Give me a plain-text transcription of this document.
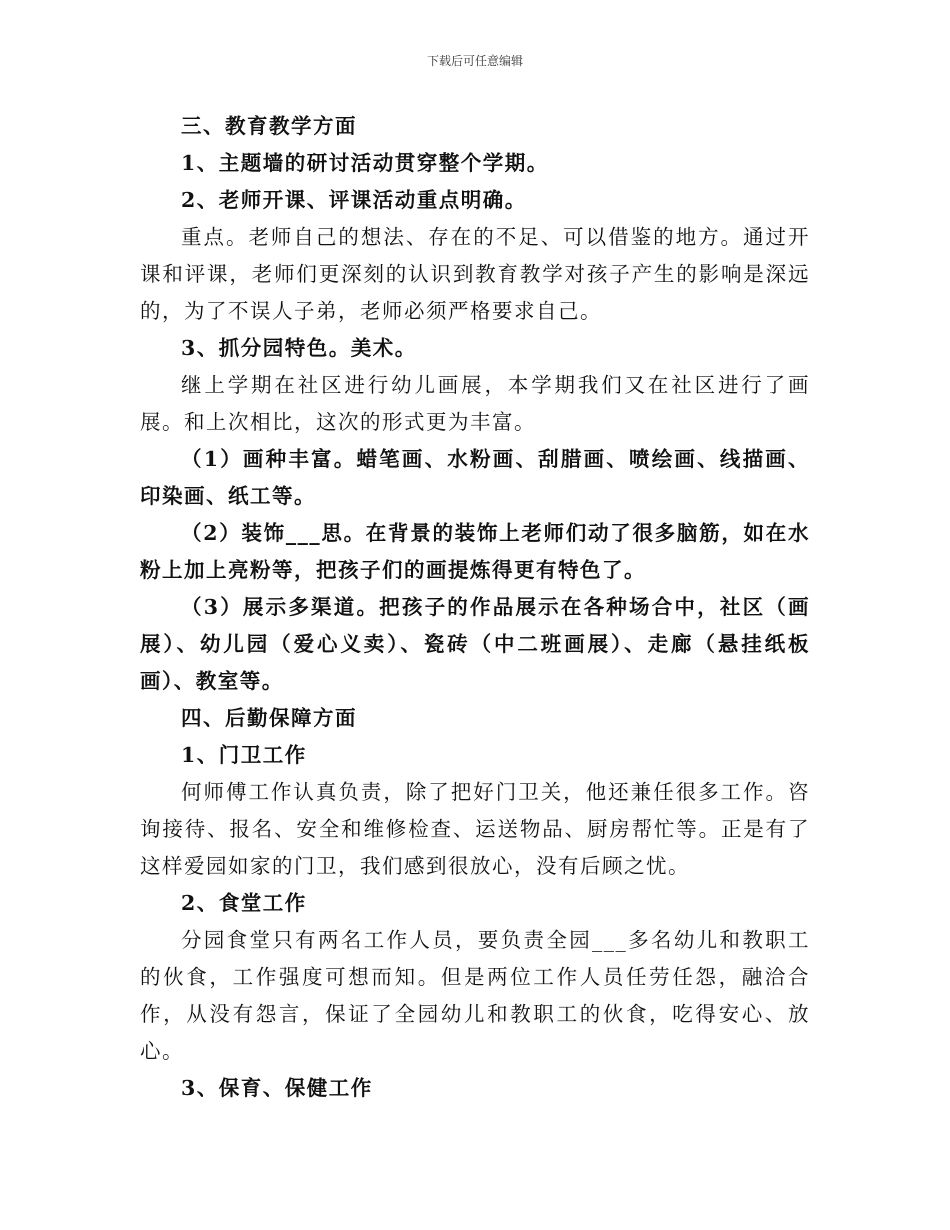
下载后可任意编辑

三、教育教学方面

1、主题墙的研讨活动贯穿整个学期。

2、老师开课、评课活动重点明确。

重点。老师自己的想法、存在的不足、可以借鉴的地方。通过开课和评课，老师们更深刻的认识到教育教学对孩子产生的影响是深远的，为了不误人子弟，老师必须严格要求自己。

3、抓分园特色。美术。

继上学期在社区进行幼儿画展，本学期我们又在社区进行了画展。和上次相比，这次的形式更为丰富。

（1）画种丰富。蜡笔画、水粉画、刮腊画、喷绘画、线描画、印染画、纸工等。

（2）装饰___思。在背景的装饰上老师们动了很多脑筋，如在水粉上加上亮粉等，把孩子们的画提炼得更有特色了。

（3）展示多渠道。把孩子的作品展示在各种场合中，社区（画展）、幼儿园（爱心义卖）、瓷砖（中二班画展）、走廊（悬挂纸板画）、教室等。

四、后勤保障方面

1、门卫工作

何师傅工作认真负责，除了把好门卫关，他还兼任很多工作。咨询接待、报名、安全和维修检查、运送物品、厨房帮忙等。正是有了这样爱园如家的门卫，我们感到很放心，没有后顾之忧。

2、食堂工作

分园食堂只有两名工作人员，要负责全园___多名幼儿和教职工的伙食，工作强度可想而知。但是两位工作人员任劳任怨，融洽合作，从没有怨言，保证了全园幼儿和教职工的伙食，吃得安心、放心。

3、保育、保健工作
